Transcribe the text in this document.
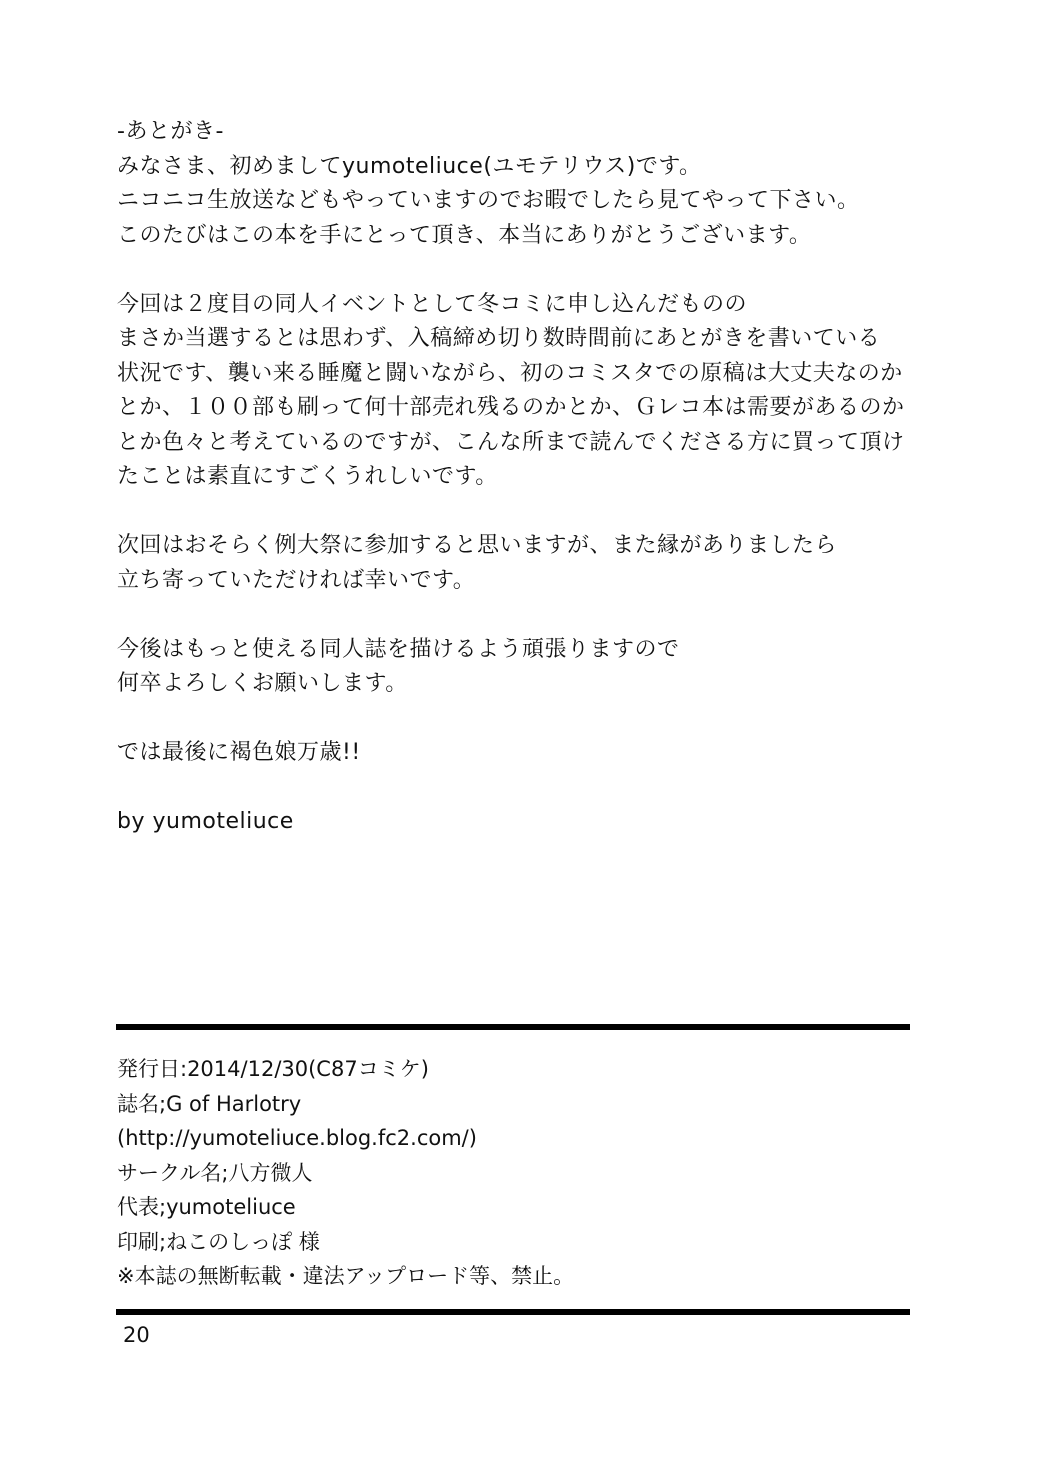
-あとがき-
みなさま、初めましてyumoteliuce(ユモテリウス)です。
ニコニコ生放送などもやっていますのでお暇でしたら見てやって下さい。
このたびはこの本を手にとって頂き、本当にありがとうございます。
今回は２度目の同人イベントとして冬コミに申し込んだものの
まさか当選するとは思わず、入稿締め切り数時間前にあとがきを書いている
状況です、襲い来る睡魔と闘いながら、初のコミスタでの原稿は大丈夫なのか
とか、１００部も刷って何十部売れ残るのかとか、Ｇレコ本は需要があるのか
とか色々と考えているのですが、こんな所まで読んでくださる方に買って頂け
たことは素直にすごくうれしいです。
次回はおそらく例大祭に参加すると思いますが、また縁がありましたら
立ち寄っていただければ幸いです。
今後はもっと使える同人誌を描けるよう頑張りますので
何卒よろしくお願いします。
では最後に褐色娘万歳!!
by yumoteliuce
発行日:2014/12/30(C87コミケ)
誌名;G of Harlotry
(http://yumoteliuce.blog.fc2.com/)
サークル名;八方微人
代表;yumoteliuce
印刷;ねこのしっぽ 様
※本誌の無断転載・違法アップロード等、禁止。
20
